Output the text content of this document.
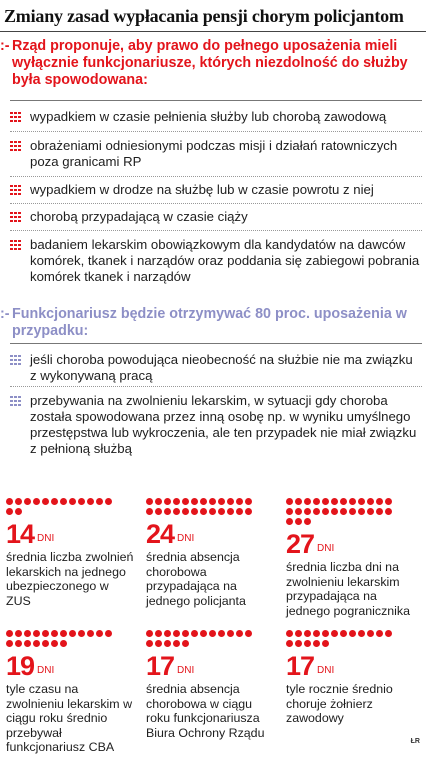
Zmiany zasad wypłacania pensji chorym policjantom
:- Rząd proponuje, aby prawo do pełnego uposażenia mieli wyłącznie funkcjonariusze, których niezdolność do służby była spowodowana:
wypadkiem w czasie pełnienia służby lub chorobą zawodową
obrażeniami odniesionymi podczas misji i działań ratowniczych poza granicami RP
wypadkiem w drodze na służbę lub w czasie powrotu z niej
chorobą przypadającą w czasie ciąży
badaniem lekarskim obowiązkowym dla kandydatów na dawców komórek, tkanek i narządów oraz poddania się zabiegowi pobrania komórek tkanek i narządów
:- Funkcjonariusz będzie otrzymywać 80 proc. uposażenia w przypadku:
jeśli choroba powodująca nieobecność na służbie nie ma związku z wykonywaną pracą
przebywania na zwolnieniu lekarskim, w sytuacji gdy choroba została spowodowana przez inną osobę np. w wyniku umyślnego przestępstwa lub wykroczenia, ale ten przypadek nie miał związku z pełnioną służbą
14 DNI

średnia liczba zwolnień lekarskich na jednego ubezpieczonego w ZUS

24 DNI

średnia absencja chorobowa przypadająca na jednego policjanta

27 DNI

średnia liczba dni na zwolnieniu lekarskim przypadająca na jednego pogranicznika

19 DNI

tyle czasu na zwolnieniu lekarskim w ciągu roku średnio przebywał funkcjonariusz CBA

17 DNI

średnia absencja chorobowa w ciągu roku funkcjonariusza Biura Ochrony Rządu

17 DNI

tyle rocznie średnio choruje żołnierz zawodowy

ŁR
